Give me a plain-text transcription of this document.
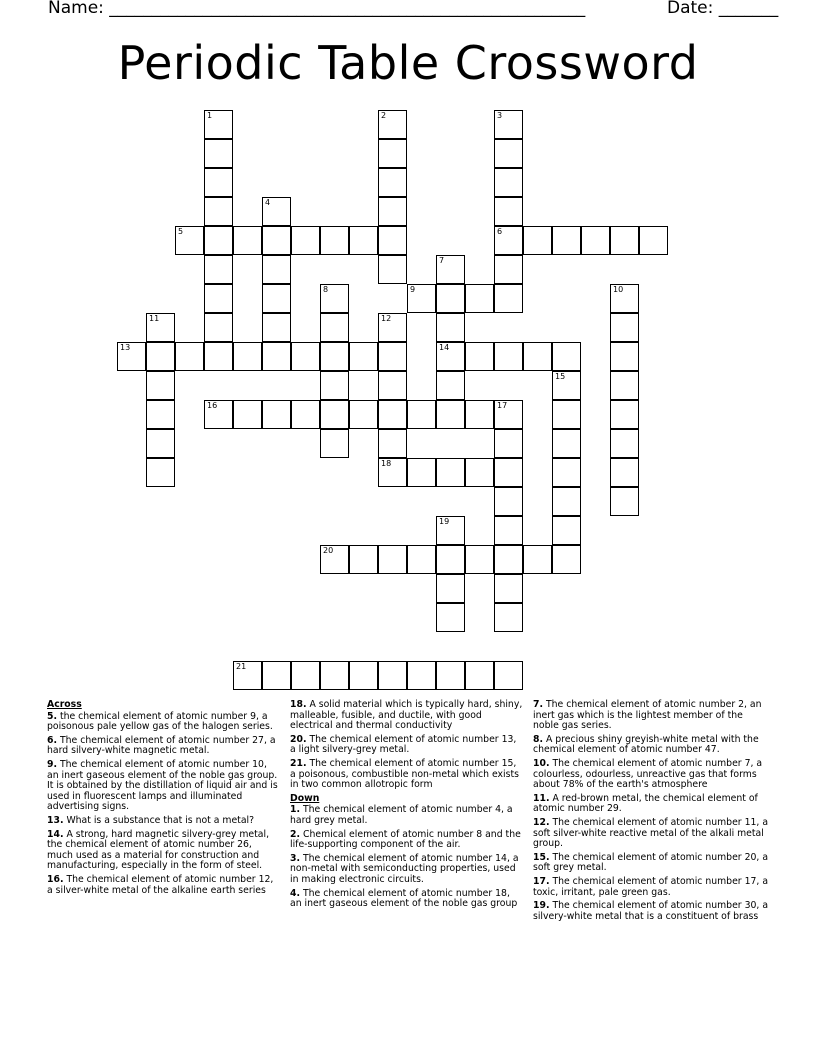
Name: ________________________________________________________	Date: _______
Periodic Table Crossword
1	2	3
6
4
5
7
14
8	9	10
11	12
18
13
15
16	17
19
20
21
Across
5. the chemical element of atomic number 9, a poisonous pale yellow gas of the halogen series.
6. The chemical element of atomic number 27, a hard silvery-white magnetic metal.
9. The chemical element of atomic number 10, an inert gaseous element of the noble gas group. It is obtained by the distillation of liquid air and is used in fluorescent lamps and illuminated advertising signs.
13. What is a substance that is not a metal?
14. A strong, hard magnetic silvery-grey metal, the chemical element of atomic number 26, much used as a material for construction and manufacturing, especially in the form of steel.
16. The chemical element of atomic number 12, a silver-white metal of the alkaline earth series
18. A solid material which is typically hard, shiny, malleable, fusible, and ductile, with good electrical and thermal conductivity
20. The chemical element of atomic number 13, a light silvery-grey metal.
21. The chemical element of atomic number 15, a poisonous, combustible non-metal which exists in two common allotropic form
Down
1. The chemical element of atomic number 4, a hard grey metal.
2. Chemical element of atomic number 8 and the life-supporting component of the air.
3. The chemical element of atomic number 14, a non-metal with semiconducting properties, used in making electronic circuits.
4. The chemical element of atomic number 18, an inert gaseous element of the noble gas group
7. The chemical element of atomic number 2, an inert gas which is the lightest member of the noble gas series.
8. A precious shiny greyish-white metal with the chemical element of atomic number 47.
10. The chemical element of atomic number 7, a colourless, odourless, unreactive gas that forms about 78% of the earth's atmosphere
11. A red-brown metal, the chemical element of atomic number 29.
12. The chemical element of atomic number 11, a soft silver-white reactive metal of the alkali metal group.
15. The chemical element of atomic number 20, a soft grey metal.
17. The chemical element of atomic number 17, a toxic, irritant, pale green gas.
19. The chemical element of atomic number 30, a silvery-white metal that is a constituent of brass
